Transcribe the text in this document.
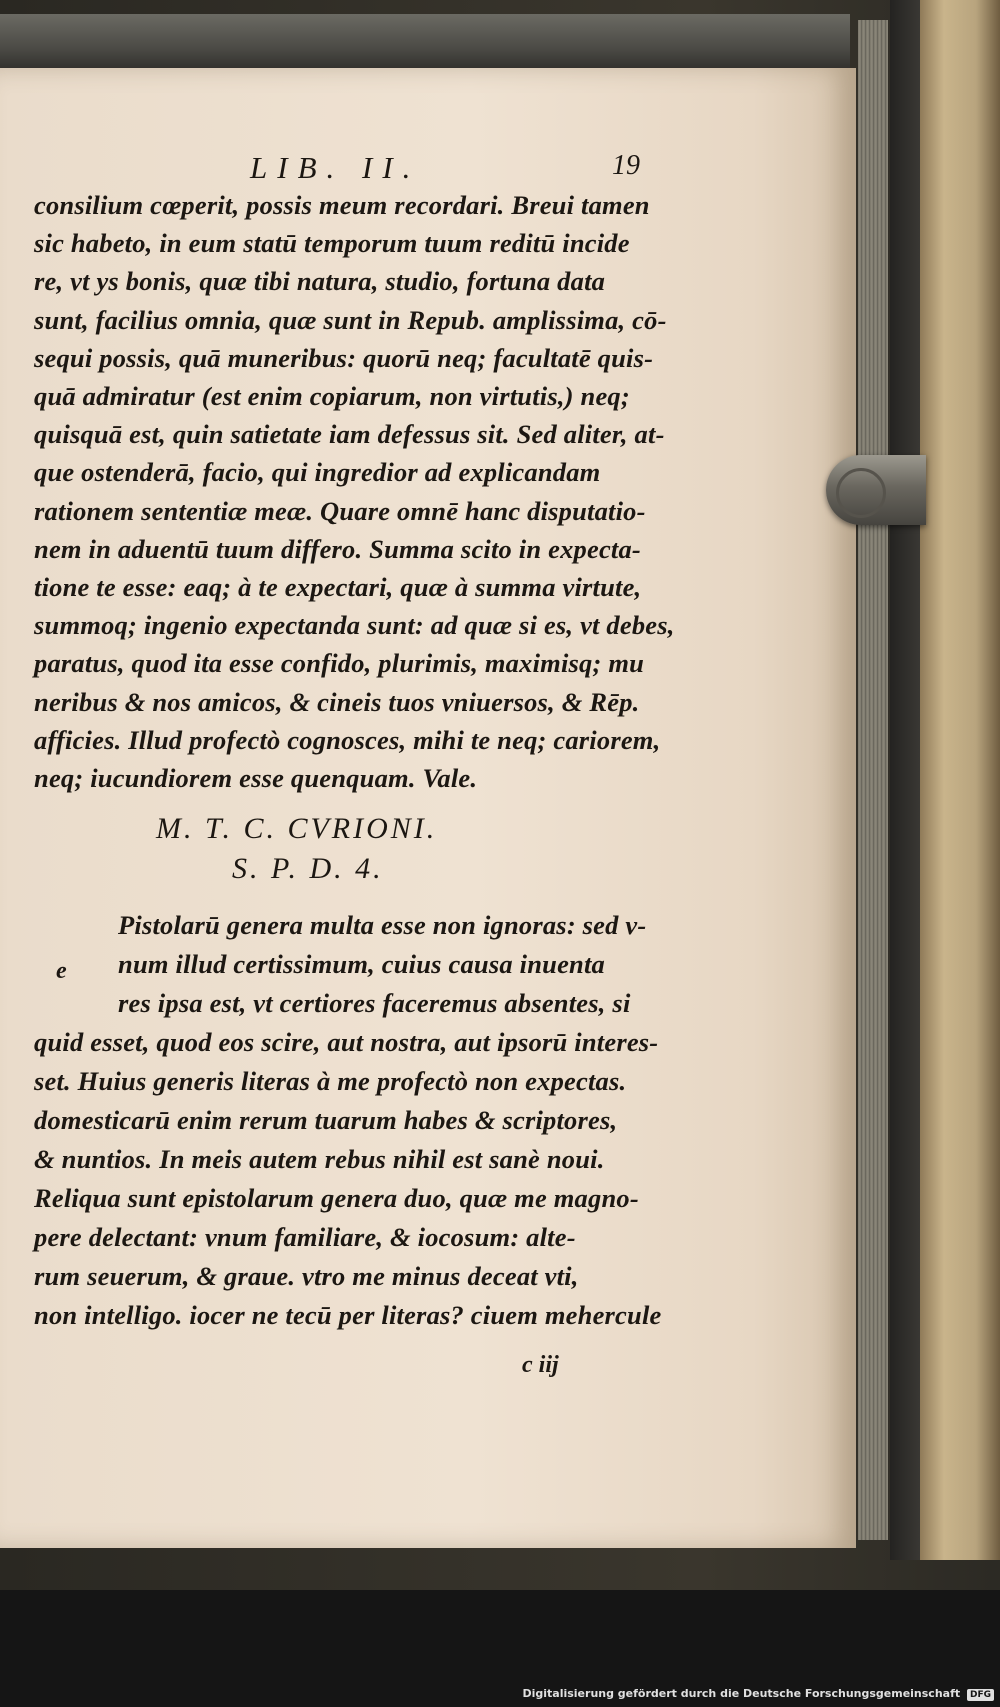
LIB. II.	19
consilium cœperit, possis meum recordari. Breui tamen
sic habeto, in eum statū temporum tuum reditū incide
re, vt ys bonis, quæ tibi natura, studio, fortuna data
sunt, facilius omnia, quæ sunt in Repub. amplissima, cō-
sequi possis, quā muneribus: quorū neq; facultatē quis-
quā admiratur (est enim copiarum, non virtutis,) neq;
quisquā est, quin satietate iam defessus sit. Sed aliter, at-
que ostenderā, facio, qui ingredior ad explicandam
rationem sententiæ meæ. Quare omnē hanc disputatio-
nem in aduentū tuum differo. Summa scito in expecta-
tione te esse: eaq; à te expectari, quæ à summa virtute,
summoq; ingenio expectanda sunt: ad quæ si es, vt debes,
paratus, quod ita esse confido, plurimis, maximisq; mu
neribus & nos amicos, & cineis tuos vniuersos, & Rēp.
afficies. Illud profectò cognosces, mihi te neq; cariorem,
neq; iucundiorem esse quenquam. Vale.
M. T. C. CVRIONI.
S. P. D. 4.
e
Pistolarū genera multa esse non ignoras: sed v-
num illud certissimum, cuius causa inuenta
res ipsa est, vt certiores faceremus absentes, si
quid esset, quod eos scire, aut nostra, aut ipsorū interes-
set. Huius generis literas à me profectò non expectas.
domesticarū enim rerum tuarum habes & scriptores,
& nuntios. In meis autem rebus nihil est sanè noui.
Reliqua sunt epistolarum genera duo, quæ me magno-
pere delectant: vnum familiare, & iocosum: alte-
rum seuerum, & graue. vtro me minus deceat vti,
non intelligo. iocer ne tecū per literas? ciuem mehercule
c iij
Digitalisierung gefördert durch die Deutsche Forschungsgemeinschaft DFG
